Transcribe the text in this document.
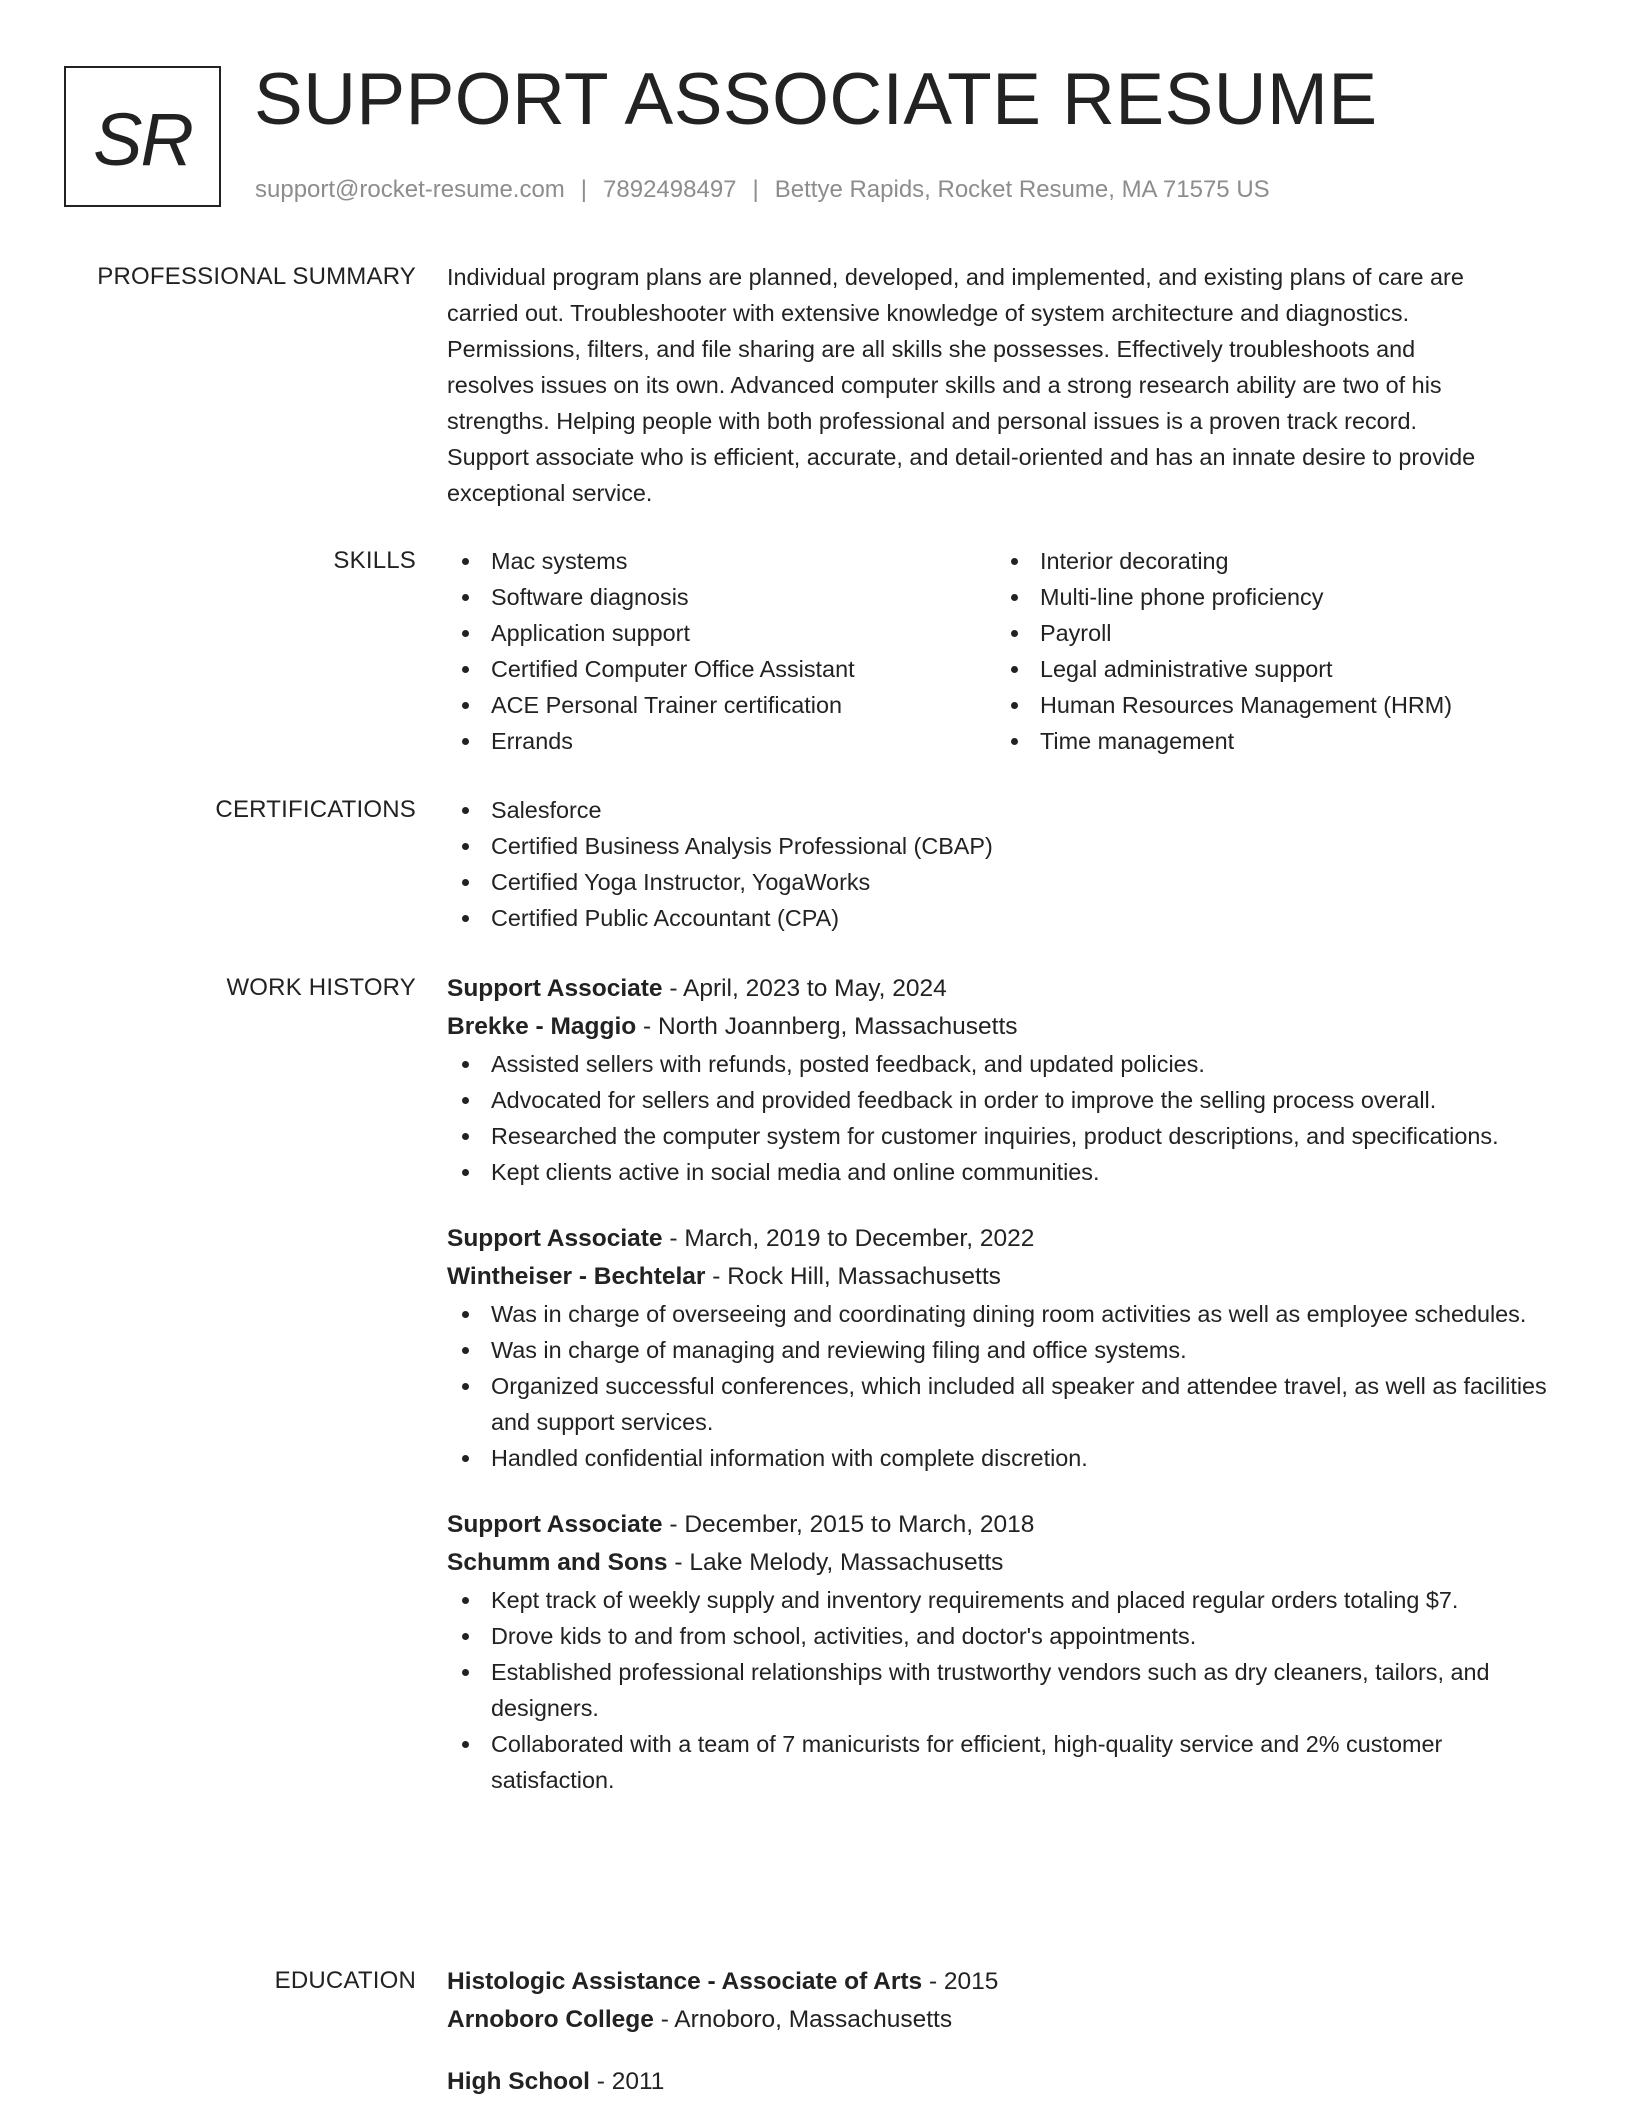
SR SUPPORT ASSOCIATE RESUME
support@rocket-resume.com | 7892498497 | Bettye Rapids, Rocket Resume, MA 71575 US
PROFESSIONAL SUMMARY Individual program plans are planned, developed, and implemented, and existing plans of care are

carried out. Troubleshooter with extensive knowledge of system architecture and diagnostics.

Permissions, filters, and file sharing are all skills she possesses. Effectively troubleshoots and

resolves issues on its own. Advanced computer skills and a strong research ability are two of his

strengths. Helping people with both professional and personal issues is a proven track record.

Support associate who is efficient, accurate, and detail-oriented and has an innate desire to provide

exceptional service.

SKILLS	Mac systems
Software diagnosis
Application support
Certified Computer Office Assistant
ACE Personal Trainer certification
Errands
Interior decorating
Multi-line phone proficiency
Payroll
Legal administrative support
Human Resources Management (HRM)
Time management
CERTIFICATIONS	Salesforce
Certified Business Analysis Professional (CBAP)
Certified Yoga Instructor, YogaWorks
Certified Public Accountant (CPA)
WORK HISTORY Support Associate - April, 2023 to May, 2024
Brekke - Maggio - North Joannberg, Massachusetts
Assisted sellers with refunds, posted feedback, and updated policies.
Advocated for sellers and provided feedback in order to improve the selling process overall.
Researched the computer system for customer inquiries, product descriptions, and specifications.
Kept clients active in social media and online communities.
Support Associate - March, 2019 to December, 2022
Wintheiser - Bechtelar - Rock Hill, Massachusetts
Was in charge of overseeing and coordinating dining room activities as well as employee schedules.
Was in charge of managing and reviewing filing and office systems.
Organized successful conferences, which included all speaker and attendee travel, as well as facilities and support services.
Handled confidential information with complete discretion.
Support Associate - December, 2015 to March, 2018
Schumm and Sons - Lake Melody, Massachusetts
Kept track of weekly supply and inventory requirements and placed regular orders totaling $7.
Drove kids to and from school, activities, and doctor's appointments.
Established professional relationships with trustworthy vendors such as dry cleaners, tailors, and designers.
Collaborated with a team of 7 manicurists for efficient, high-quality service and 2% customer satisfaction.
EDUCATION Histologic Assistance - Associate of Arts - 2015
Arnoboro College - Arnoboro, Massachusetts
High School - 2011
